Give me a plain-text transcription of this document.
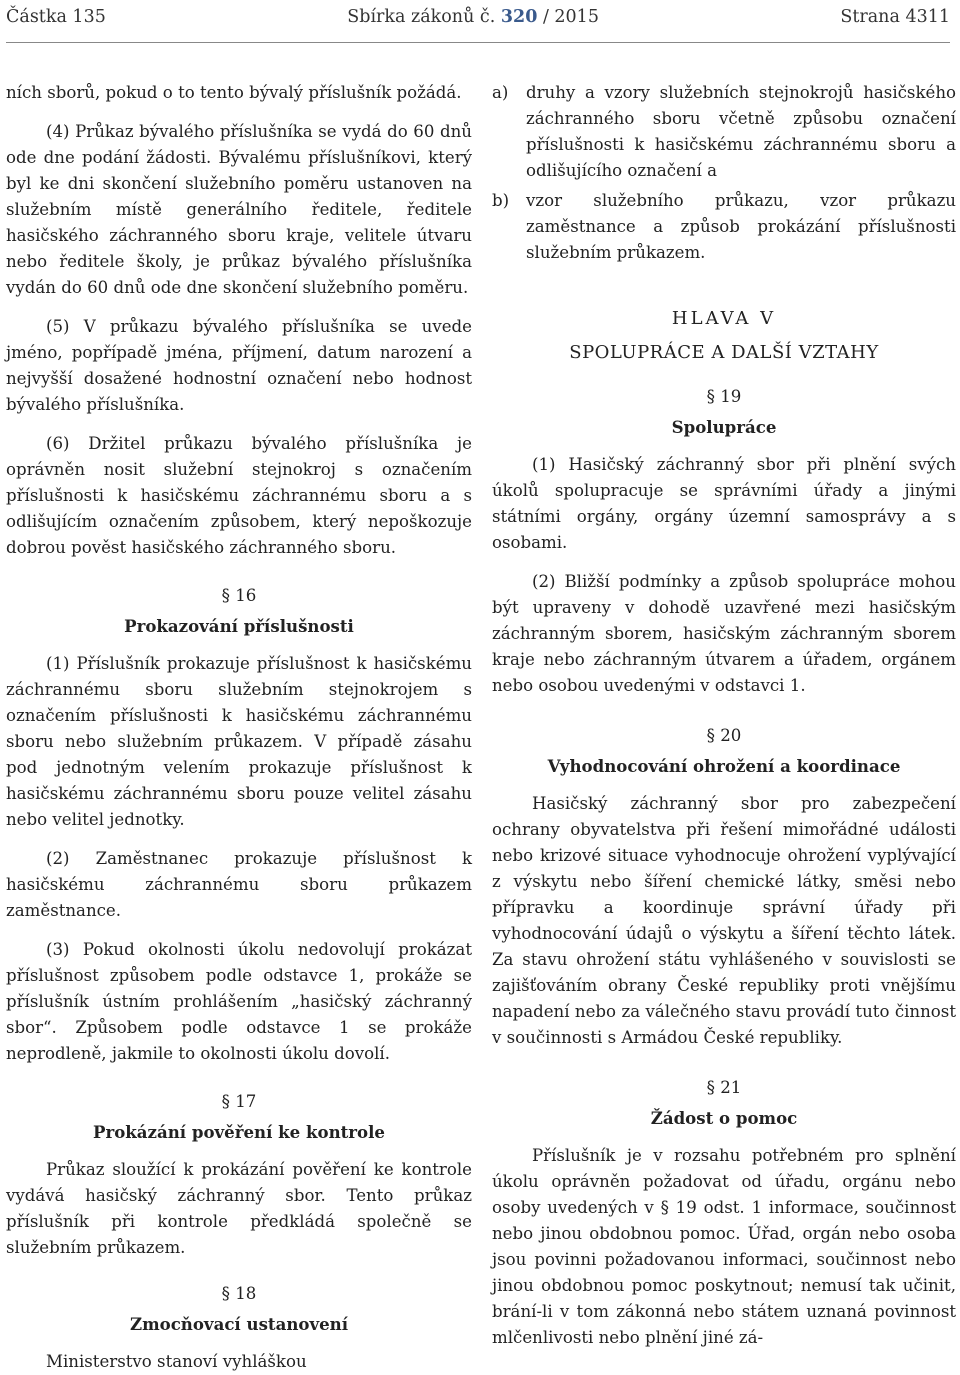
Částka 135	Sbírka zákonů č. 320 / 2015	Strana 4311

ních sborů, pokud o to tento bývalý příslušník požádá.

(4) Průkaz bývalého příslušníka se vydá do 60 dnů ode dne podání žádosti. Bývalému příslušníkovi, který byl ke dni skončení služebního poměru ustanoven na služebním místě generálního ředitele, ředitele hasičského záchranného sboru kraje, velitele útvaru nebo ředitele školy, je průkaz bývalého příslušníka vydán do 60 dnů ode dne skončení služebního poměru.

(5) V průkazu bývalého příslušníka se uvede jméno, popřípadě jména, příjmení, datum narození a nejvyšší dosažené hodnostní označení nebo hodnost bývalého příslušníka.

(6) Držitel průkazu bývalého příslušníka je oprávněn nosit služební stejnokroj s označením příslušnosti k hasičskému záchrannému sboru a s odlišujícím označením způsobem, který nepoškozuje dobrou pověst hasičského záchranného sboru.

§ 16

Prokazování příslušnosti

(1) Příslušník prokazuje příslušnost k hasičskému záchrannému sboru služebním stejnokrojem s označením příslušnosti k hasičskému záchrannému sboru nebo služebním průkazem. V případě zásahu pod jednotným velením prokazuje příslušnost k hasičskému záchrannému sboru pouze velitel zásahu nebo velitel jednotky.

(2) Zaměstnanec prokazuje příslušnost k hasičskému záchrannému sboru průkazem zaměstnance.

(3) Pokud okolnosti úkolu nedovolují prokázat příslušnost způsobem podle odstavce 1, prokáže se příslušník ústním prohlášením „hasičský záchranný sbor“. Způsobem podle odstavce 1 se prokáže neprodleně, jakmile to okolnosti úkolu dovolí.

§ 17

Prokázání pověření ke kontrole

Průkaz sloužící k prokázání pověření ke kontrole vydává hasičský záchranný sbor. Tento průkaz příslušník při kontrole předkládá společně se služebním průkazem.

§ 18

Zmocňovací ustanovení

Ministerstvo stanoví vyhláškou

a)	druhy a vzory služebních stejnokrojů hasičského záchranného sboru včetně způsobu označení příslušnosti k hasičskému záchrannému sboru a odlišujícího označení a
b)	vzor služebního průkazu, vzor průkazu zaměstnance a způsob prokázání příslušnosti služebním průkazem.

HLAVA V

SPOLUPRÁCE A DALŠÍ VZTAHY

§ 19

Spolupráce

(1) Hasičský záchranný sbor při plnění svých úkolů spolupracuje se správními úřady a jinými státními orgány, orgány územní samosprávy a s osobami.

(2) Bližší podmínky a způsob spolupráce mohou být upraveny v dohodě uzavřené mezi hasičským záchranným sborem, hasičským záchranným sborem kraje nebo záchranným útvarem a úřadem, orgánem nebo osobou uvedenými v odstavci 1.

§ 20

Vyhodnocování ohrožení a koordinace

Hasičský záchranný sbor pro zabezpečení ochrany obyvatelstva při řešení mimořádné události nebo krizové situace vyhodnocuje ohrožení vyplývající z výskytu nebo šíření chemické látky, směsi nebo přípravku a koordinuje správní úřady při vyhodnocování údajů o výskytu a šíření těchto látek. Za stavu ohrožení státu vyhlášeného v souvislosti se zajišťováním obrany České republiky proti vnějšímu napadení nebo za válečného stavu provádí tuto činnost v součinnosti s Armádou České republiky.

§ 21

Žádost o pomoc

Příslušník je v rozsahu potřebném pro splnění úkolu oprávněn požadovat od úřadu, orgánu nebo osoby uvedených v § 19 odst. 1 informace, součinnost nebo jinou obdobnou pomoc. Úřad, orgán nebo osoba jsou povinni požadovanou informaci, součinnost nebo jinou obdobnou pomoc poskytnout; nemusí tak učinit, brání-li v tom zákonná nebo státem uznaná povinnost mlčenlivosti nebo plnění jiné zá-
